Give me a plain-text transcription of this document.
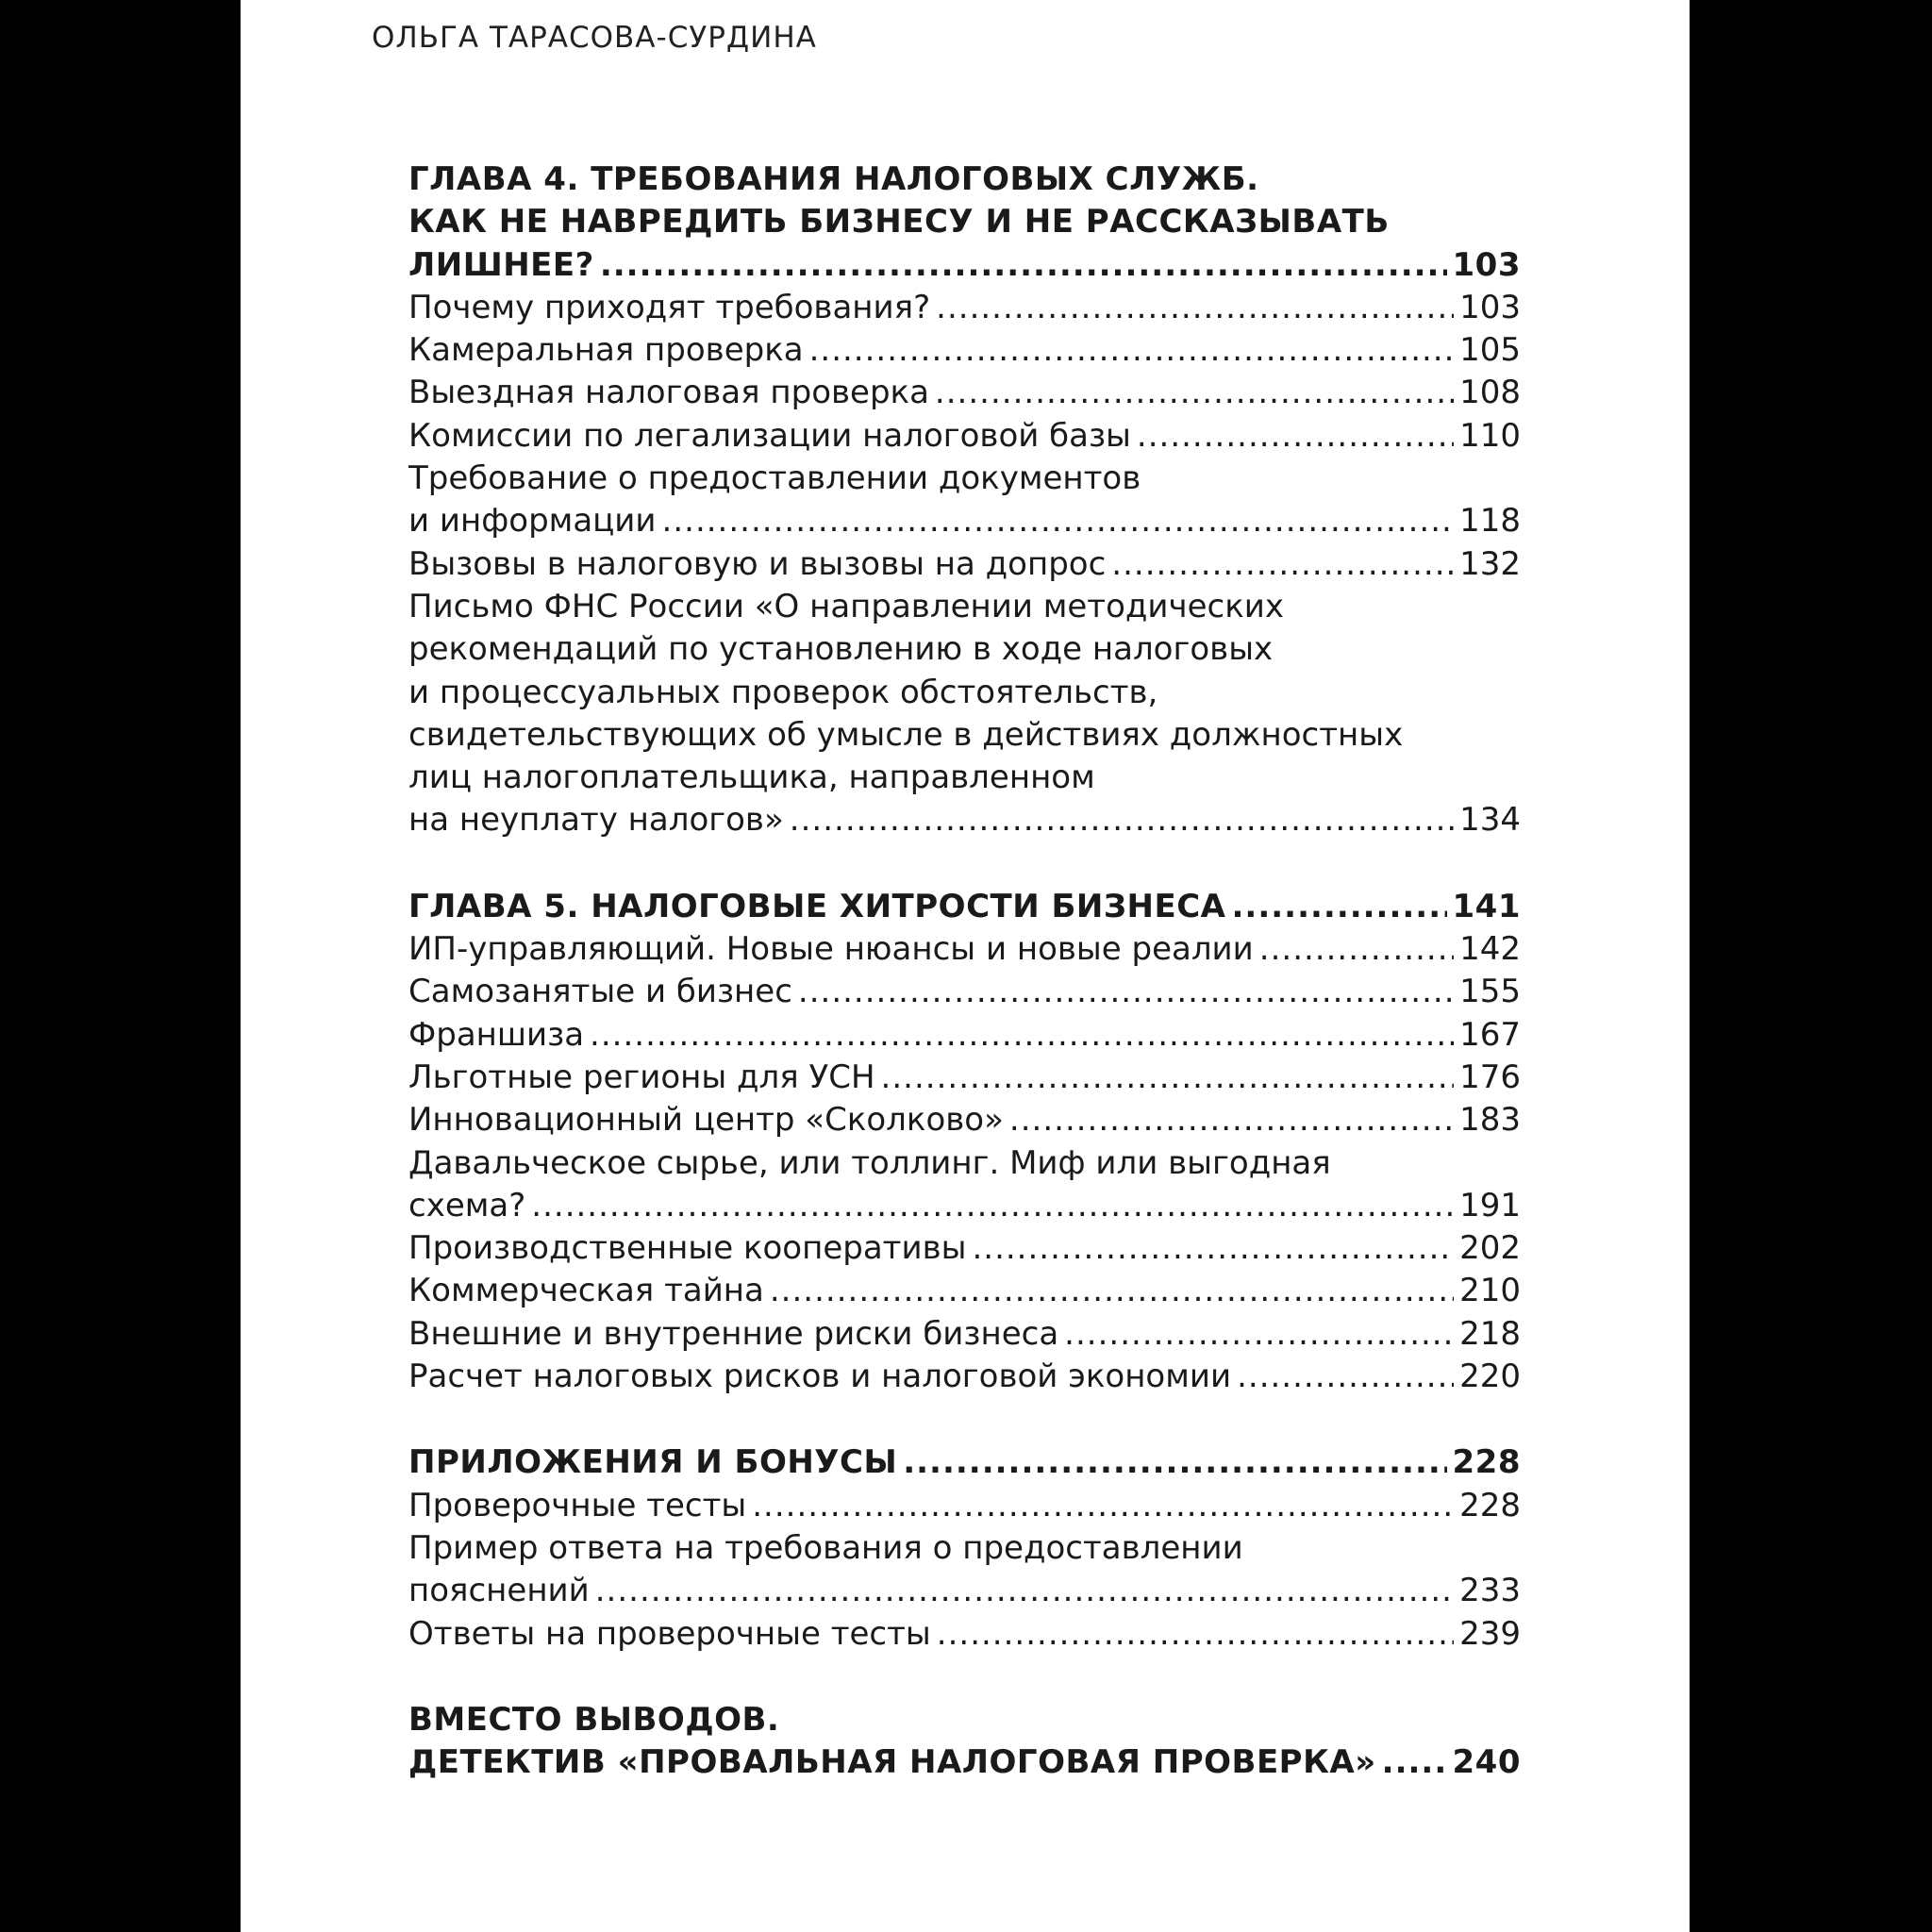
ОЛЬГА ТАРАСОВА-СУРДИНА
ГЛАВА 4. ТРЕБОВАНИЯ НАЛОГОВЫХ СЛУЖБ.
КАК НЕ НАВРЕДИТЬ БИЗНЕСУ И НЕ РАССКАЗЫВАТЬ
ЛИШНЕЕ? .....	103
Почему приходят требования? .....	103
Камеральная проверка .....	105
Выездная налоговая проверка .....	108
Комиссии по легализации налоговой базы .....	110
Требование о предоставлении документов
и информации .....	118
Вызовы в налоговую и вызовы на допрос .....	132
Письмо ФНС России «О направлении методических
рекомендаций по установлению в ходе налоговых
и процессуальных проверок обстоятельств,
свидетельствующих об умысле в действиях должностных
лиц налогоплательщика, направленном
на неуплату налогов» .....	134
ГЛАВА 5. НАЛОГОВЫЕ ХИТРОСТИ БИЗНЕСА .....	141
ИП-управляющий. Новые нюансы и новые реалии .....	142
Самозанятые и бизнес .....	155
Франшиза .....	167
Льготные регионы для УСН .....	176
Инновационный центр «Сколково» .....	183
Давальческое сырье, или толлинг. Миф или выгодная
схема? .....	191
Производственные кооперативы .....	202
Коммерческая тайна .....	210
Внешние и внутренние риски бизнеса .....	218
Расчет налоговых рисков и налоговой экономии .....	220
ПРИЛОЖЕНИЯ И БОНУСЫ .....	228
Проверочные тесты .....	228
Пример ответа на требования о предоставлении
пояснений .....	233
Ответы на проверочные тесты .....	239
ВМЕСТО ВЫВОДОВ.
ДЕТЕКТИВ «ПРОВАЛЬНАЯ НАЛОГОВАЯ ПРОВЕРКА» ..... 240
